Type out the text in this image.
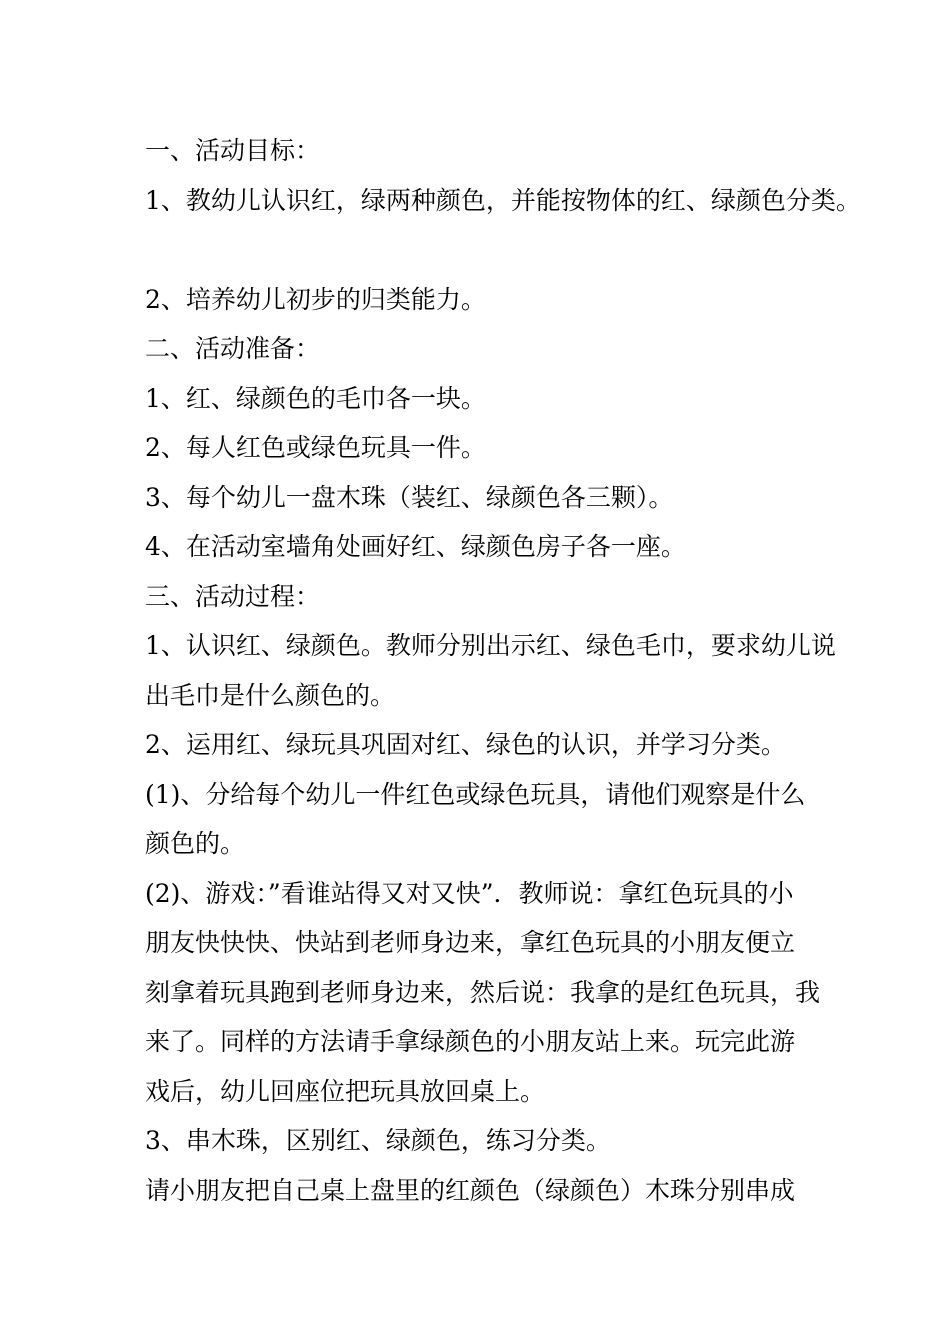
一、活动目标：

1、教幼儿认识红，绿两种颜色，并能按物体的红、绿颜色分类。

2、培养幼儿初步的归类能力。

二、活动准备：

1、红、绿颜色的毛巾各一块。

2、每人红色或绿色玩具一件。

3、每个幼儿一盘木珠（装红、绿颜色各三颗）。

4、在活动室墙角处画好红、绿颜色房子各一座。

三、活动过程：

1、认识红、绿颜色。教师分别出示红、绿色毛巾，要求幼儿说

出毛巾是什么颜色的。

2、运用红、绿玩具巩固对红、绿色的认识，并学习分类。

(1)、分给每个幼儿一件红色或绿色玩具，请他们观察是什么

颜色的。

(2)、游戏：”看谁站得又对又快”．教师说：拿红色玩具的小

朋友快快快、快站到老师身边来，拿红色玩具的小朋友便立

刻拿着玩具跑到老师身边来，然后说：我拿的是红色玩具，我

来了。同样的方法请手拿绿颜色的小朋友站上来。玩完此游

戏后，幼儿回座位把玩具放回桌上。

3、串木珠，区别红、绿颜色，练习分类。

请小朋友把自己桌上盘里的红颜色（绿颜色）木珠分别串成
